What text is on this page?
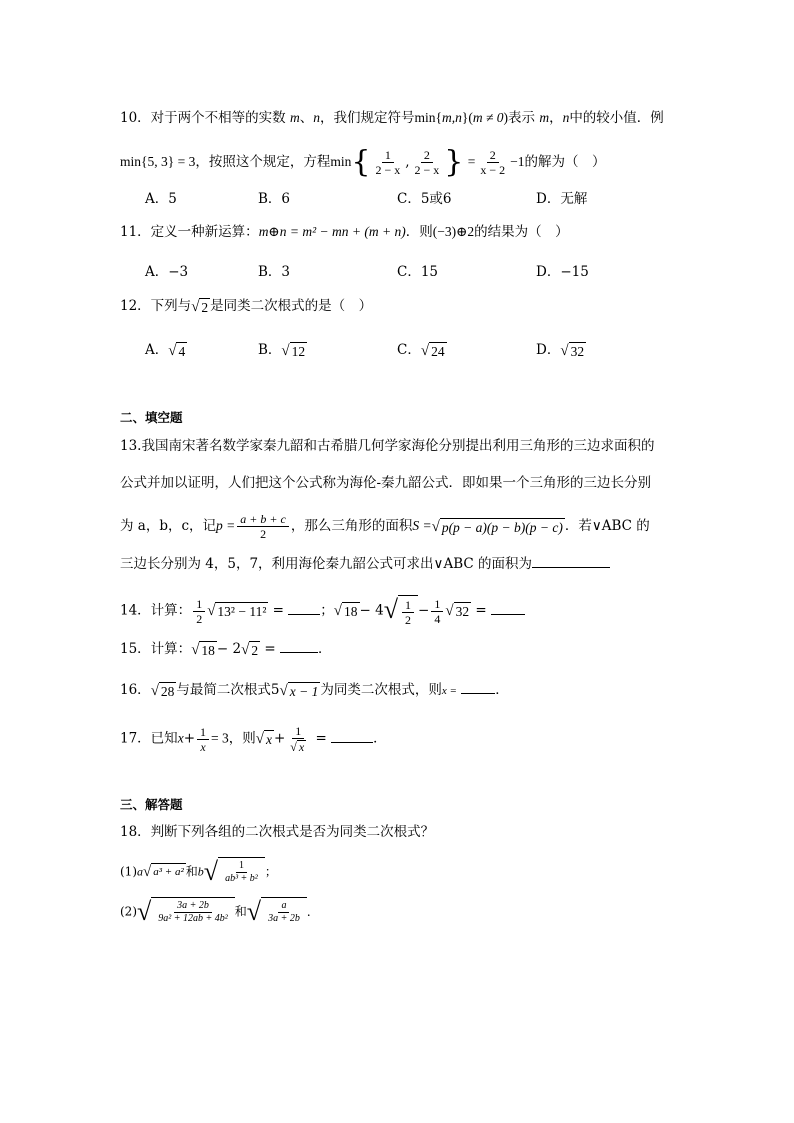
10．对于两个不相等的实数 m、n，我们规定符号min{m,n}(m ≠ 0)表示 m，n中的较小值．例
min{5, 3} = 3，按照这个规定，方程$\min\{ \frac{1}{2 - x}$ , $\frac{2}{2 - x}$ } = $\frac{2}{x - 2} -1$的解为（　）
A．5	B．6	C．5或6	D．无解
11．定义一种新运算：m⊕n = m² − mn + (m + n)．则(−3)⊕2的结果为（　）
A．−3	B．3	C．15	D．−15
12．下列与 √ 2 是同类二次根式的是（　）
A． √ 4	B． √ 12	C． √ 24	D． √ 32
二、填空题
13.我国南宋著名数学家秦九韶和古希腊几何学家海伦分别提出利用三角形的三边求面积的
公式并加以证明，人们把这个公式称为海伦-秦九韶公式．即如果一个三角形的三边长分别
为 a，b，c，记$p = \frac{a + b + c}{2}$ ，那么三角形的面积S = √ p(p − a)(p − b)(p − c) ．若∨ABC 的
三边长分别为 4，5，7，利用海伦秦九韶公式可求出∨ABC 的面积为
14．计算： $\frac{1}{2}$ √ 13² − 11² = ； √ 18 − 4 √ $\frac{1}{2} - \frac{1}{4}$ √ 32 =
15．计算： √ 18 − 2 √ 2 =	．
16． √ 28 与最简二次根式5 √ x − 1 为同类二次根式，则x =	．
17．已知$x+ \frac{1}{x} = 3$，则 √ $x + \frac{1}{√ x}$ =	．
三、解答题
18．判断下列各组的二次根式是否为同类二次根式？
(1)a √ a³ + a² 和b √ $\frac{1}{\text{ab³ + b²}}$ ；
(2) √ $\frac{3a + 2b}{\text{9a² + 12ab + 4b²}}$ 和 √ $\frac{a}{3a + 2b}$ ．
